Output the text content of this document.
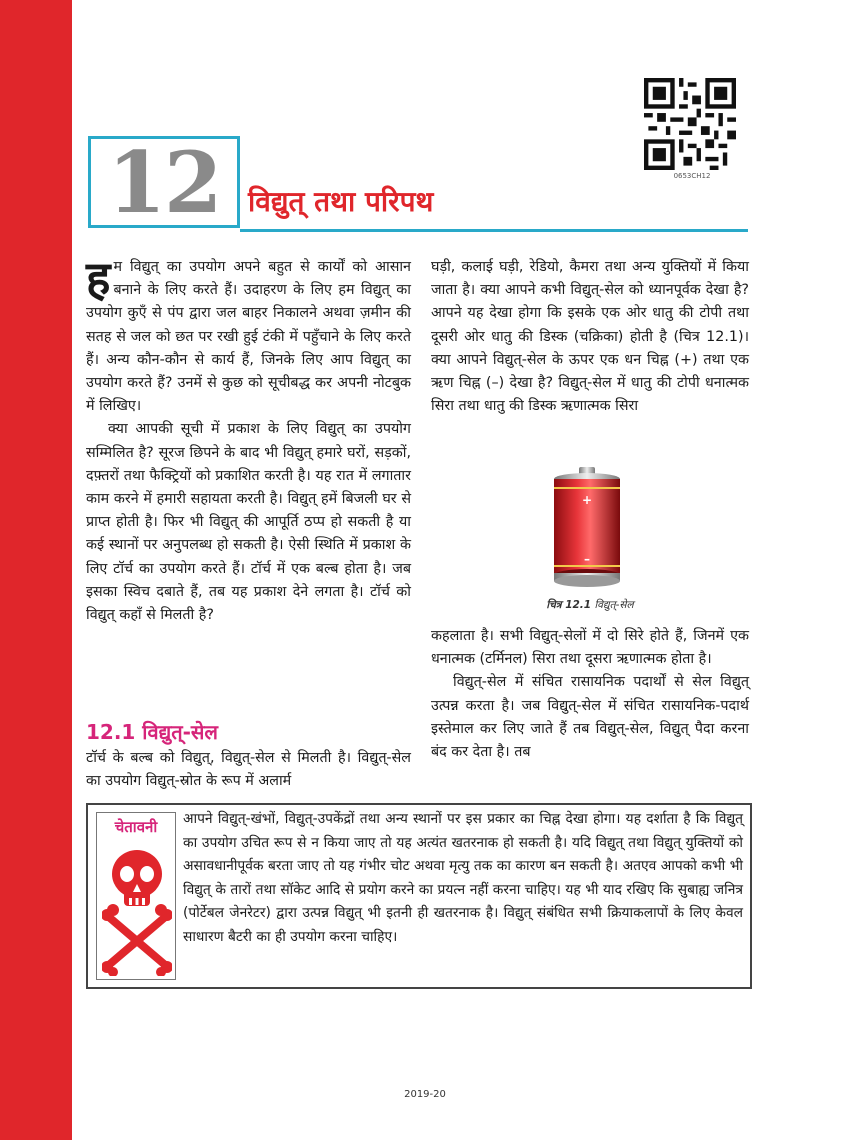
0653CH12
12 विद्युत् तथा परिपथ

हम विद्युत् का उपयोग अपने बहुत से कार्यों को आसान बनाने के लिए करते हैं। उदाहरण के लिए हम विद्युत् का उपयोग कुएँ से पंप द्वारा जल बाहर निकालने अथवा ज़मीन की सतह से जल को छत पर रखी हुई टंकी में पहुँचाने के लिए करते हैं। अन्य कौन-कौन से कार्य हैं, जिनके लिए आप विद्युत् का उपयोग करते हैं? उनमें से कुछ को सूचीबद्ध कर अपनी नोटबुक में लिखिए।

क्या आपकी सूची में प्रकाश के लिए विद्युत् का उपयोग सम्मिलित है? सूरज छिपने के बाद भी विद्युत् हमारे घरों, सड़कों, दफ़्तरों तथा फैक्ट्रियों को प्रकाशित करती है। यह रात में लगातार काम करने में हमारी सहायता करती है। विद्युत् हमें बिजली घर से प्राप्त होती है। फिर भी विद्युत् की आपूर्ति ठप्प हो सकती है या कई स्थानों पर अनुपलब्ध हो सकती है। ऐसी स्थिति में प्रकाश के लिए टॉर्च का उपयोग करते हैं। टॉर्च में एक बल्ब होता है। जब इसका स्विच दबाते हैं, तब यह प्रकाश देने लगता है। टॉर्च को विद्युत् कहाँ से मिलती है?

12.1 विद्युत्-सेल

टॉर्च के बल्ब को विद्युत्, विद्युत्-सेल से मिलती है। विद्युत्-सेल का उपयोग विद्युत्-स्रोत के रूप में अलार्म

घड़ी, कलाई घड़ी, रेडियो, कैमरा तथा अन्य युक्तियों में किया जाता है। क्या आपने कभी विद्युत्-सेल को ध्यानपूर्वक देखा है? आपने यह देखा होगा कि इसके एक ओर धातु की टोपी तथा दूसरी ओर धातु की डिस्क (चक्रिका) होती है (चित्र 12.1)। क्या आपने विद्युत्-सेल के ऊपर एक धन चिह्न (+) तथा एक ऋण चिह्न (–) देखा है? विद्युत्-सेल में धातु की टोपी धनात्मक सिरा तथा धातु की डिस्क ऋणात्मक सिरा

+
–
चित्र 12.1 विद्युत्-सेल

कहलाता है। सभी विद्युत्-सेलों में दो सिरे होते हैं, जिनमें एक धनात्मक (टर्मिनल) सिरा तथा दूसरा ऋणात्मक होता है।

विद्युत्-सेल में संचित रासायनिक पदार्थों से सेल विद्युत् उत्पन्न करता है। जब विद्युत्-सेल में संचित रासायनिक-पदार्थ इस्तेमाल कर लिए जाते हैं तब विद्युत्-सेल, विद्युत् पैदा करना बंद कर देता है। तब

चेतावनी	आपने विद्युत्-खंभों, विद्युत्-उपकेंद्रों तथा अन्य स्थानों पर इस प्रकार का चिह्न देखा होगा। यह दर्शाता है कि विद्युत् का उपयोग उचित रूप से न किया जाए तो यह अत्यंत खतरनाक हो सकती है। यदि विद्युत् तथा विद्युत् युक्तियों को असावधानीपूर्वक बरता जाए तो यह गंभीर चोट अथवा मृत्यु तक का कारण बन सकती है। अतएव आपको कभी भी विद्युत् के तारों तथा सॉकेट आदि से प्रयोग करने का प्रयत्न नहीं करना चाहिए। यह भी याद रखिए कि सुबाह्य जनित्र (पोर्टेबल जेनरेटर) द्वारा उत्पन्न विद्युत् भी इतनी ही खतरनाक है। विद्युत् संबंधित सभी क्रियाकलापों के लिए केवल साधारण बैटरी का ही उपयोग करना चाहिए।
2019-20
